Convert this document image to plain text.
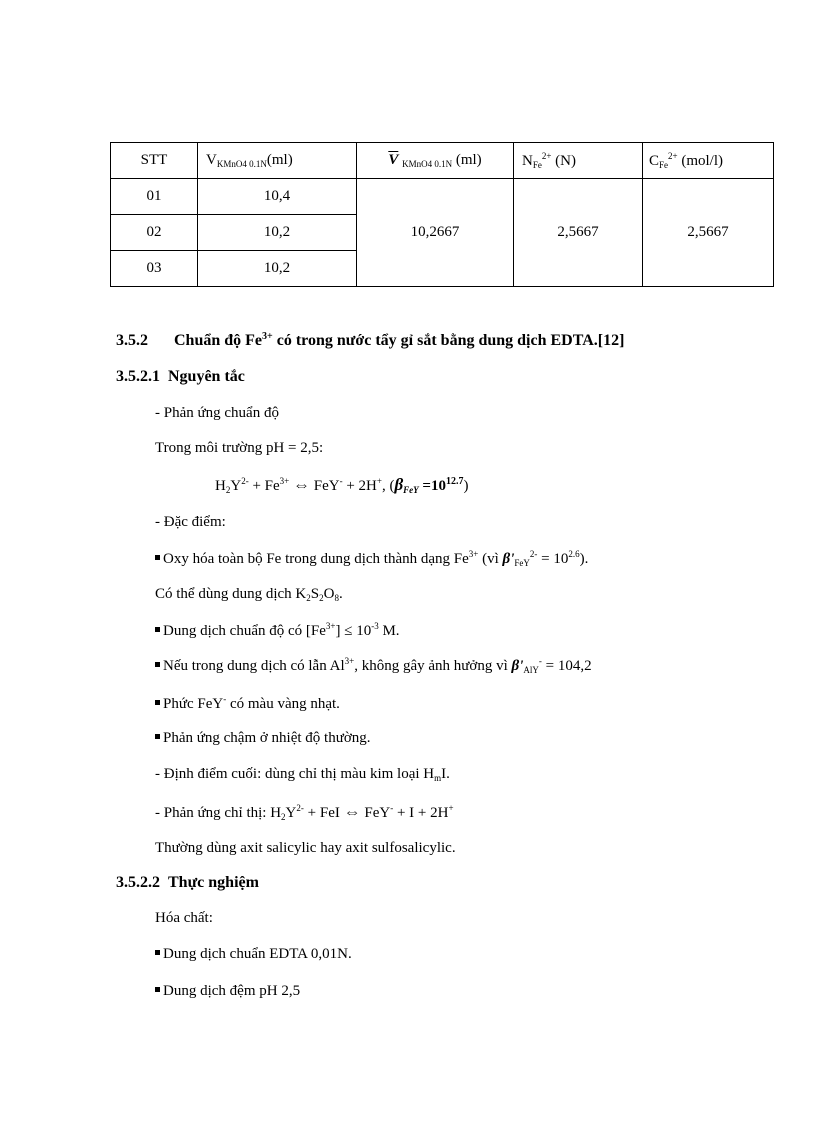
STT	$V_{KMnO4 0.1N}(ml)$	$\overline{V}$ $_{KMnO4 0.1N}$ (ml)	$N_{Fe}^{2+}$ (N)	$C_{Fe}^{2+}$ (mol/l)
01	10,4	10,2667	2,5667	2,5667
02	10,2			
03	10,2			
3.5.2 Chuẩn độ $Fe^{3+}$ có trong nước tẩy gỉ sắt bằng dung dịch EDTA.[12]
3.5.2.1 Nguyên tắc
- Phản ứng chuẩn độ
Trong môi trường pH = 2,5:
$H_2Y^{2-} + Fe^{3+}$ ⇔ FeY- + 2H+, $(\beta_{FeY} =10^{12.7})$
- Đặc điểm:
Oxy hóa toàn bộ Fe trong dung dịch thành dạng $Fe^{3+}$ (vì $\beta'_{FeY}^{2-} = 10^{2.6}$).
Có thể dùng dung dịch $K_2S_2O_8$.
Dung dịch chuẩn độ có $[Fe^{3+}] \le 10^{-3}$ M.
Nếu trong dung dịch có lẫn $Al^{3+}$, không gây ảnh hưởng vì $\beta'_{AlY}^- = 104,2$
Phức FeY- có màu vàng nhạt.
Phản ứng chậm ở nhiệt độ thường.
- Định điểm cuối: dùng chỉ thị màu kim loại $H_mI$.
- Phản ứng chỉ thị: $H_2Y^{2-}$ + FeI ⇔ FeY- + I + 2H+
Thường dùng axit salicylic hay axit sulfosalicylic.
3.5.2.2 Thực nghiệm
Hóa chất:
Dung dịch chuẩn EDTA 0,01N.
Dung dịch đệm pH 2,5
